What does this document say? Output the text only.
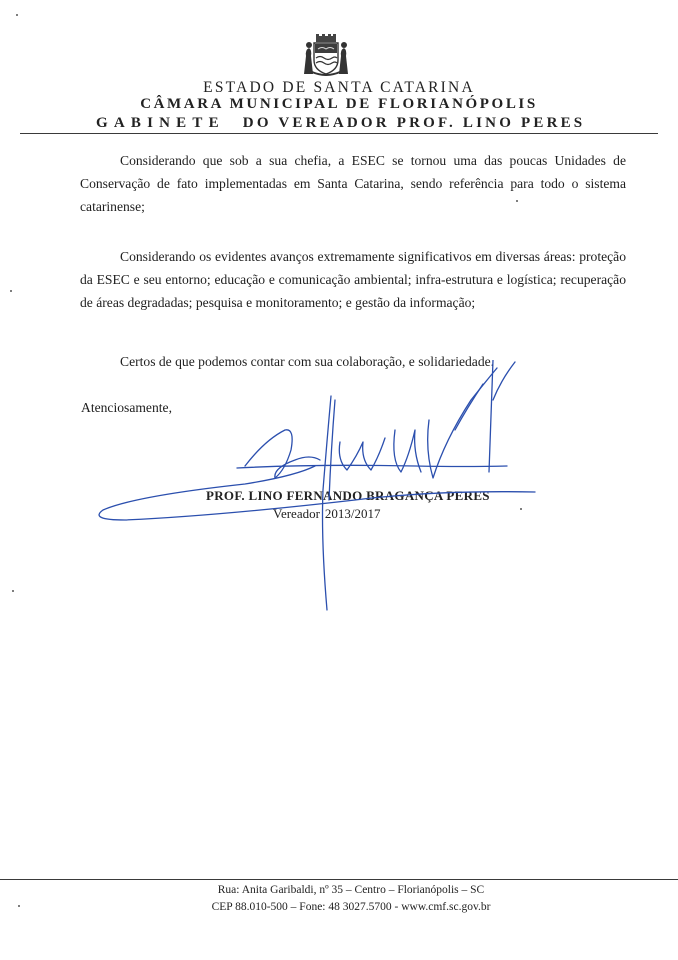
ESTADO DE SANTA CATARINA
CÂMARA MUNICIPAL DE FLORIANÓPOLIS
GABINETE DO VEREADOR PROF. LINO PERES
Considerando que sob a sua chefia, a ESEC se tornou uma das poucas Unidades de Conservação de fato implementadas em Santa Catarina, sendo referência para todo o sistema catarinense;
Considerando os evidentes avanços extremamente significativos em diversas áreas: proteção da ESEC e seu entorno; educação e comunicação ambiental; infra-estrutura e logística; recuperação de áreas degradadas; pesquisa e monitoramento; e gestão da informação;
Certos de que podemos contar com sua colaboração, e solidariedade.
Atenciosamente,
PROF. LINO FERNANDO BRAGANÇA PERES
Vereador 2013/2017
Rua: Anita Garibaldi, nº 35 – Centro – Florianópolis – SC
CEP 88.010-500 – Fone: 48 3027.5700 - www.cmf.sc.gov.br
